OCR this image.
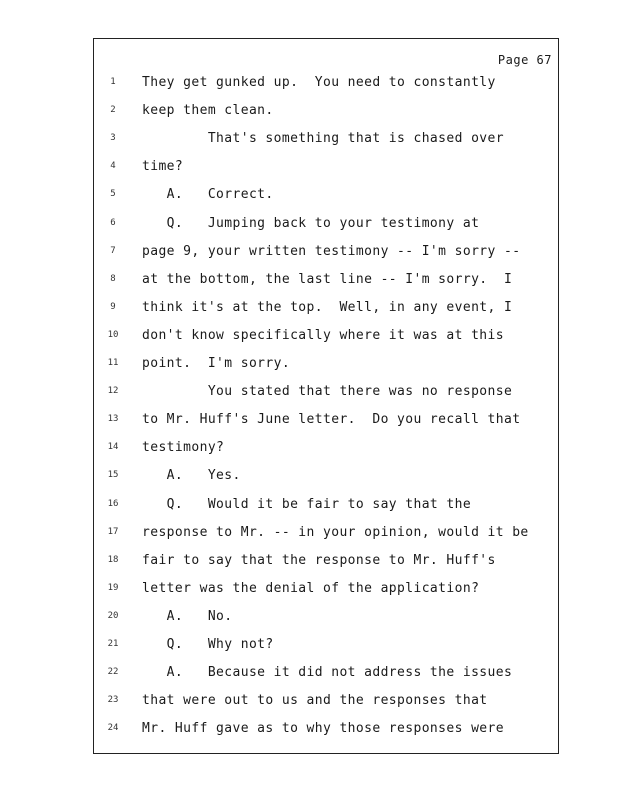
Page 67
1	They get gunked up.  You need to constantly
2	keep them clean.
3	That's something that is chased over
4	time?
5	A.   Correct.
6	Q.   Jumping back to your testimony at
7	page 9, your written testimony -- I'm sorry --
8	at the bottom, the last line -- I'm sorry.  I
9	think it's at the top.  Well, in any event, I
10	don't know specifically where it was at this
11	point.  I'm sorry.
12	You stated that there was no response
13	to Mr. Huff's June letter.  Do you recall that
14	testimony?
15	A.   Yes.
16	Q.   Would it be fair to say that the
17	response to Mr. -- in your opinion, would it be
18	fair to say that the response to Mr. Huff's
19	letter was the denial of the application?
20	A.   No.
21	Q.   Why not?
22	A.   Because it did not address the issues
23	that were out to us and the responses that
24	Mr. Huff gave as to why those responses were
